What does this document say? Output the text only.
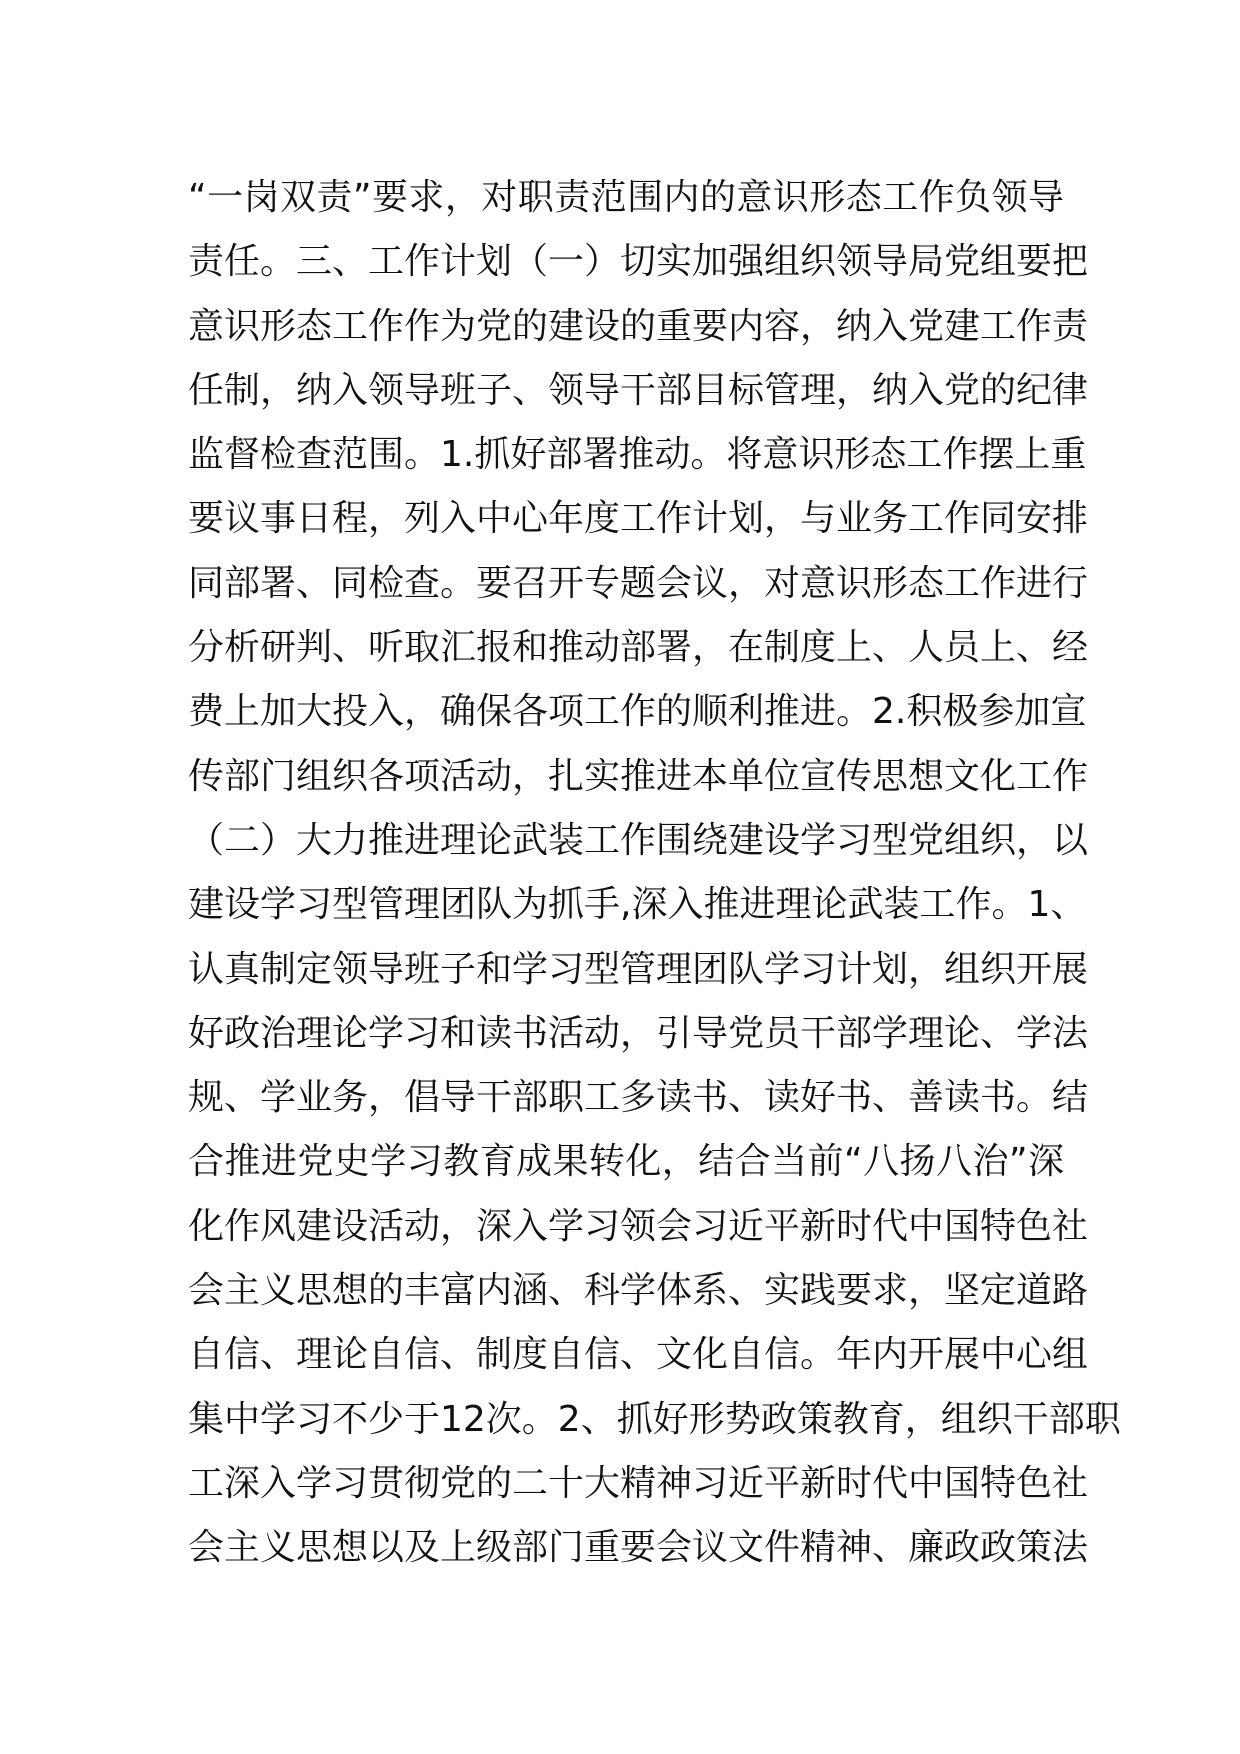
“一岗双责”要求，对职责范围内的意识形态工作负领导
责任。三、工作计划（一）切实加强组织领导局党组要把
意识形态工作作为党的建设的重要内容，纳入党建工作责
任制，纳入领导班子、领导干部目标管理，纳入党的纪律
监督检查范围。1.抓好部署推动。将意识形态工作摆上重
要议事日程，列入中心年度工作计划，与业务工作同安排
同部署、同检查。要召开专题会议，对意识形态工作进行
分析研判、听取汇报和推动部署，在制度上、人员上、经
费上加大投入，确保各项工作的顺利推进。2.积极参加宣
传部门组织各项活动，扎实推进本单位宣传思想文化工作
（二）大力推进理论武装工作围绕建设学习型党组织，以
建设学习型管理团队为抓手,深入推进理论武装工作。1、
认真制定领导班子和学习型管理团队学习计划，组织开展
好政治理论学习和读书活动，引导党员干部学理论、学法
规、学业务，倡导干部职工多读书、读好书、善读书。结
合推进党史学习教育成果转化，结合当前“八扬八治”深
化作风建设活动，深入学习领会习近平新时代中国特色社
会主义思想的丰富内涵、科学体系、实践要求，坚定道路
自信、理论自信、制度自信、文化自信。年内开展中心组
集中学习不少于12次。2、抓好形势政策教育，组织干部职
工深入学习贯彻党的二十大精神习近平新时代中国特色社
会主义思想以及上级部门重要会议文件精神、廉政政策法
